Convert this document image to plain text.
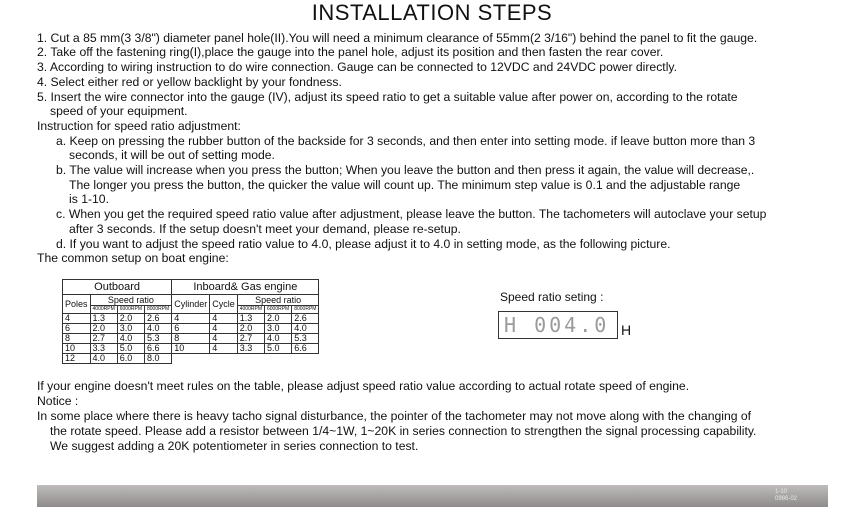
INSTALLATION STEPS
1. Cut a 85 mm(3 3/8") diameter panel hole(II).You will need a minimum clearance of 55mm(2 3/16") behind the panel to fit the gauge.
2. Take off the fastening ring(I),place the gauge into the panel hole, adjust its position and then fasten the rear cover.
3. According to wiring instruction to do wire connection. Gauge can be connected to 12VDC and 24VDC power directly.
4. Select either red or yellow backlight by your fondness.
5. Insert the wire connector into the gauge (IV), adjust its speed ratio to get a suitable value after power on, according to the rotate
speed of your equipment.
Instruction for speed ratio adjustment:
a. Keep on pressing the rubber button of the backside for 3 seconds, and then enter into setting mode. if leave button more than 3
seconds, it will be out of setting mode.
b. The value will increase when you press the button; When you leave the button and then press it again, the value will decrease,.
The longer you press the button, the quicker the value will count up. The minimum step value is 0.1 and the adjustable range
is 1-10.
c. When you get the required speed ratio value after adjustment, please leave the button. The tachometers will autoclave your setup
after 3 seconds. If the setup doesn't meet your demand, please re-setup.
d. If you want to adjust the speed ratio value to 4.0, please adjust it to 4.0 in setting mode, as the following picture.
The common setup on boat engine:
Outboard				Inboard& Gas engine				
Poles	Speed ratio			Cylinder	Cycle	Speed ratio		
	4000RPM	6000RPM	8000RPM			4000RPM	6000RPM	8000RPM
4	1.3	2.0	2.6	4	4	1.3	2.0	2.6
6	2.0	3.0	4.0	6	4	2.0	3.0	4.0
8	2.7	4.0	5.3	8	4	2.7	4.0	5.3
10	3.3	5.0	6.6	10	4	3.3	5.0	6.6
12	4.0	6.0	8.0					
Speed ratio seting :
H 004.0 H
If your engine doesn't meet rules on the table, please adjust speed ratio value according to actual rotate speed of engine.
Notice :
In some place where there is heavy tacho signal disturbance, the pointer of the tachometer may not move along with the changing of
the rotate speed. Please add a resistor between 1/4~1W, 1~20K in series connection to strengthen the signal processing capability.
We suggest adding a 20K potentiometer in series connection to test.
1-10
0986-02
